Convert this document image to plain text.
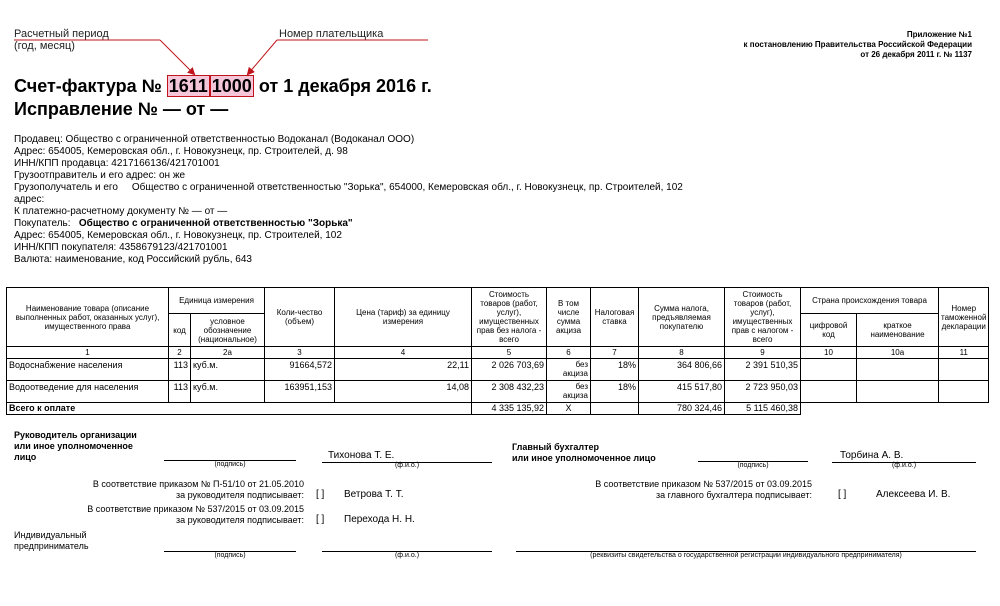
Расчетный период
(год, месяц)
Номер плательщика	Приложение №1
к постановлению Правительства Российской Федерации
от 26 декабря 2011 г. № 1137
Счет-фактура № 1611 1000 от 1 декабря 2016 г.
Исправление № — от —
Продавец: Общество с ограниченной ответственностью Водоканал (Водоканал ООО)
Адрес: 654005, Кемеровская обл., г. Новокузнецк, пр. Строителей, д. 98
ИНН/КПП продавца: 4217166136/421701001
Грузоотправитель и его адрес: он же
Грузополучатель и его Общество с ограниченной ответственностью "Зорька", 654000, Кемеровская обл., г. Новокузнецк, пр. Строителей, 102
адрес:
К платежно-расчетному документу № — от —
Покупатель: Общество с ограниченной ответственностью "Зорька"
Адрес: 654005, Кемеровская обл., г. Новокузнецк, пр. Строителей, 102
ИНН/КПП покупателя: 4358679123/421701001
Валюта: наименование, код Российский рубль, 643
Наименование товара (описание выполненных работ, оказанных услуг), имущественного права	Единица измерения		Коли-чество (объем)	Цена (тариф) за единицу измерения	Стоимость товаров (работ, услуг), имущественных прав без налога - всего	В том числе сумма акциза	Налоговая ставка	Сумма налога, предъявляемая покупателю	Стоимость товаров (работ, услуг), имущественных прав с налогом - всего	Страна происхождения товара		Номер таможенной декларации
	код	условное обозначение (национальное)								цифровой код	краткое наименование	
1	2	2а	3	4	5	6	7	8	9	10	10а	11
Водоснабжение населения	113	куб.м.	91664,572	22,11	2 026 703,69	без акциза	18%	364 806,66	2 391 510,35			
Водоотведение для населения	113	куб.м.	163951,153	14,08	2 308 432,23	без акциза	18%	415 517,80	2 723 950,03			
Всего к оплате					4 335 135,92	X		780 324,46	5 115 460,38			
Руководитель организации
или иное уполномоченное
лицо
(подпись)
Тихонова Т. Е.
(ф.и.о.)
Главный бухгалтер
или иное уполномоченное лицо
(подпись)
Торбина А. В.
(ф.и.о.)
В соответствие приказом № П-51/10 от 21.05.2010
за руководителя подписывает: [ ] Ветрова Т. Т.
В соответствие приказом № 537/2015 от 03.09.2015
за руководителя подписывает: [ ] Переходa Н. Н.
В соответствие приказом № 537/2015 от 03.09.2015
за главного бухгалтера подписывает:	[ ]	Алексеева И. В.
Индивидуальный
предприниматель
(подпись)	(ф.и.о.)	(реквизиты свидетельства о государственной регистрации индивидуального предпринимателя)
